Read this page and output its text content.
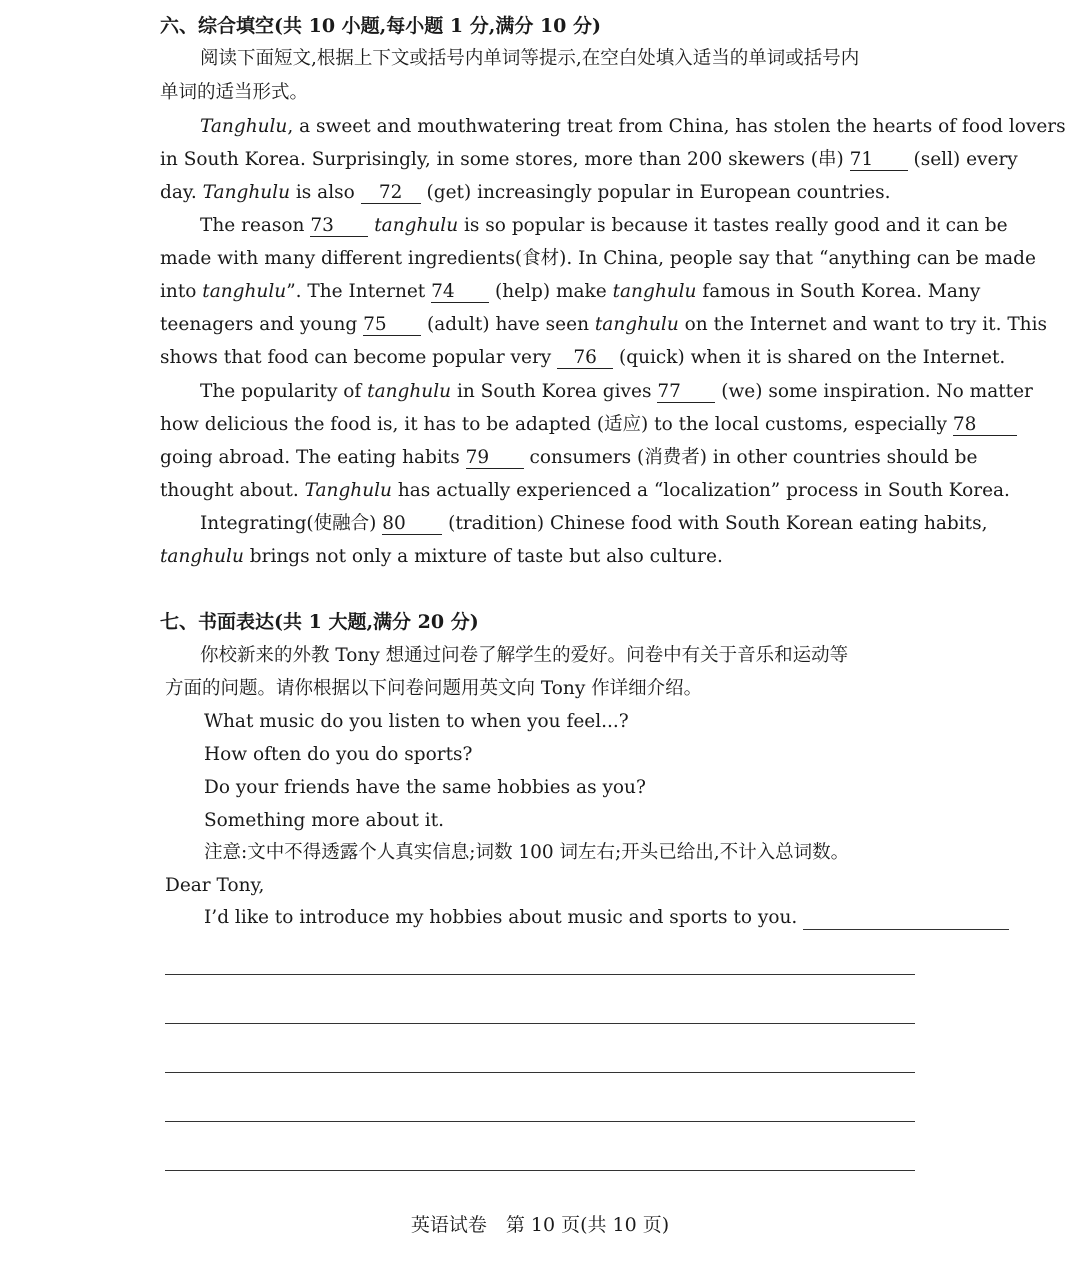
六、综合填空(共 10 小题,每小题 1 分,满分 10 分)
阅读下面短文,根据上下文或括号内单词等提示,在空白处填入适当的单词或括号内
单词的适当形式。
Tanghulu, a sweet and mouthwatering treat from China, has stolen the hearts of food lovers
in South Korea. Surprisingly, in some stores, more than 200 skewers (串) 71 (sell) every
day. Tanghulu is also 72 (get) increasingly popular in European countries.
The reason 73 tanghulu is so popular is because it tastes really good and it can be
made with many different ingredients(食材). In China, people say that “anything can be made
into tanghulu”. The Internet 74 (help) make tanghulu famous in South Korea. Many
teenagers and young 75 (adult) have seen tanghulu on the Internet and want to try it. This
shows that food can become popular very 76 (quick) when it is shared on the Internet.
The popularity of tanghulu in South Korea gives 77 (we) some inspiration. No matter
how delicious the food is, it has to be adapted (适应) to the local customs, especially 78
going abroad. The eating habits 79 consumers (消费者) in other countries should be
thought about. Tanghulu has actually experienced a “localization” process in South Korea.
Integrating(使融合) 80 (tradition) Chinese food with South Korean eating habits,
tanghulu brings not only a mixture of taste but also culture.
七、书面表达(共 1 大题,满分 20 分)
你校新来的外教 Tony 想通过问卷了解学生的爱好。问卷中有关于音乐和运动等
方面的问题。请你根据以下问卷问题用英文向 Tony 作详细介绍。
What music do you listen to when you feel...?
How often do you do sports?
Do your friends have the same hobbies as you?
Something more about it.
注意:文中不得透露个人真实信息;词数 100 词左右;开头已给出,不计入总词数。
Dear Tony,
I’d like to introduce my hobbies about music and sports to you.
英语试卷　第 10 页(共 10 页)
